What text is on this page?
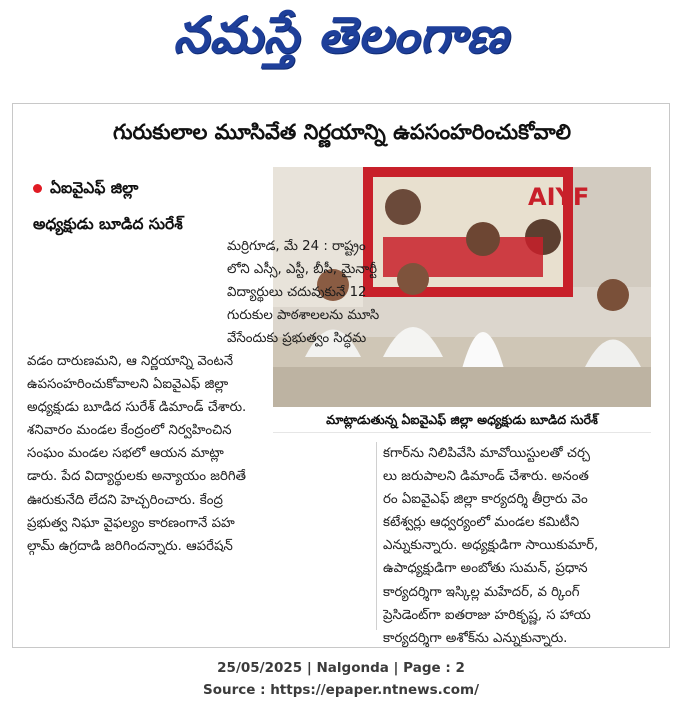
నమస్తే తెలంగాణ
గురుకులాల మూసివేత నిర్ణయాన్ని ఉపసంహరించుకోవాలి
ఏఐవైఎఫ్ జిల్లా
అధ్యక్షుడు బూడిద సురేశ్
AIYF
మాట్లాడుతున్న ఏఐవైఎఫ్ జిల్లా అధ్యక్షుడు బూడిద సురేశ్
మర్రిగూడ, మే 24 : రాష్ట్రం
లోని ఎస్సీ, ఎస్టీ, బీసీ, మైనార్టీ
విద్యార్థులు చదువుకునే 12
గురుకుల పాఠశాలలను మూసి
వేసేందుకు ప్రభుత్వం సిద్ధమ
వడం దారుణమని, ఆ నిర్ణయాన్ని వెంటనే
ఉపసంహరించుకోవాలని ఏఐవైఎఫ్ జిల్లా
అధ్యక్షుడు బూడిద సురేశ్ డిమాండ్ చేశారు.
శనివారం మండల కేంద్రంలో నిర్వహించిన
సంఘం మండల సభలో ఆయన మాట్లా
డారు. పేద విద్యార్థులకు అన్యాయం జరిగితే
ఊరుకునేది లేదని హెచ్చరించారు. కేంద్ర
ప్రభుత్వ నిఘా వైఫల్యం కారణంగానే పహ
ల్గామ్ ఉగ్రదాడి జరిగిందన్నారు. ఆపరేషన్
కగార్‌ను నిలిపివేసి మావోయిస్టులతో చర్చ
లు జరుపాలని డిమాండ్ చేశారు. అనంత
రం ఏఐవైఎఫ్ జిల్లా కార్యదర్శి తీర్రారు వెం
కటేశ్వర్లు ఆధ్వర్యంలో మండల కమిటీని
ఎన్నుకున్నారు. అధ్యక్షుడిగా సాయికుమార్,
ఉపాధ్యక్షుడిగా అంబోతు సుమన్, ప్రధాన
కార్యదర్శిగా ఇస్కిల్ల మహేదర్, వ ర్కింగ్
ప్రెసిడెంట్‌గా ఐతరాజు హరికృష్ణ, స హాయ
కార్యదర్శిగా అశోక్‌ను ఎన్నుకున్నారు.
25/05/2025 | Nalgonda | Page : 2
Source : https://epaper.ntnews.com/
